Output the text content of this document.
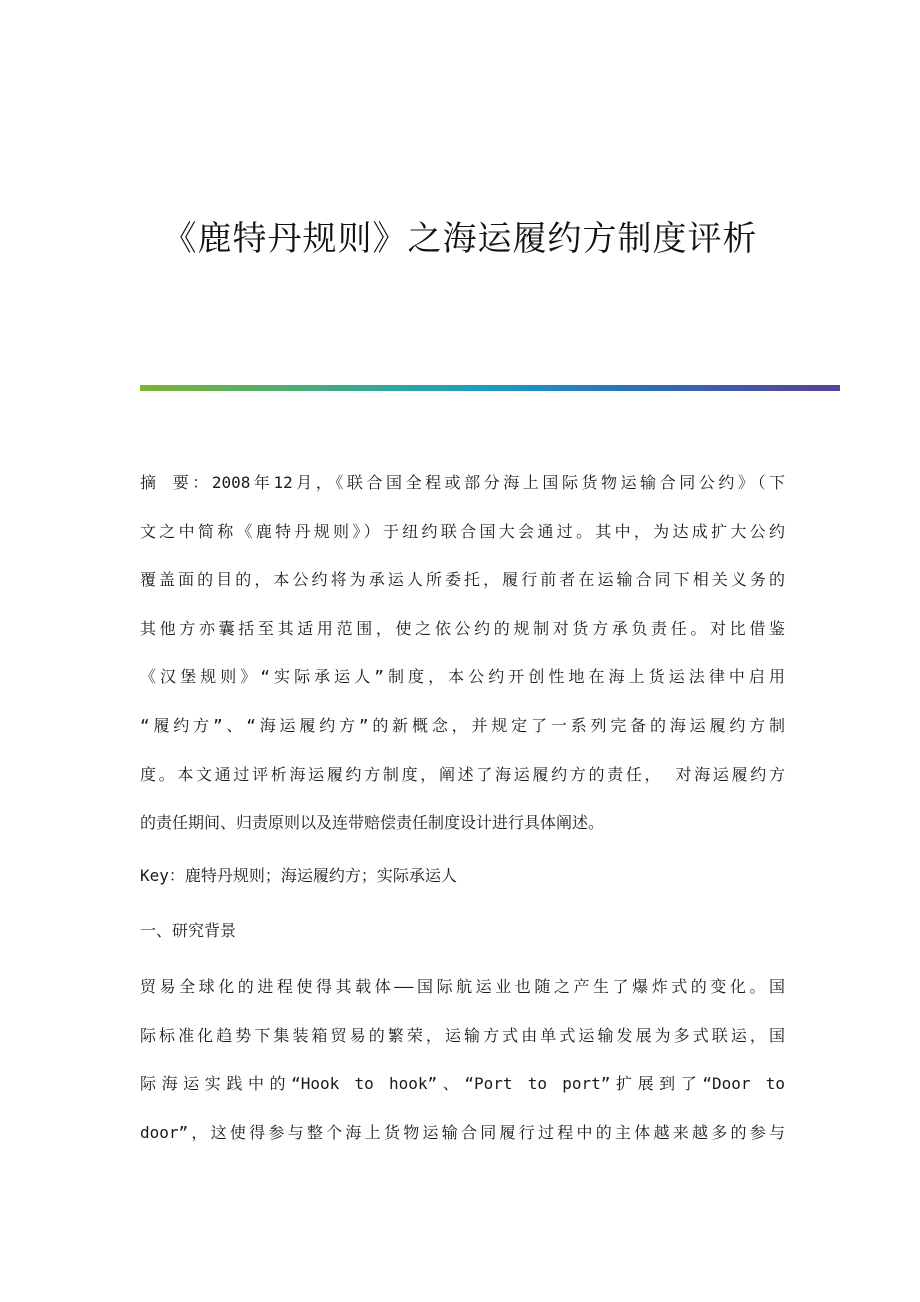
《鹿特丹规则》之海运履约方制度评析
摘 要：2008年12月，《联合国全程或部分海上国际货物运输合同公约》（下
文之中简称《鹿特丹规则》）于纽约联合国大会通过。其中，为达成扩大公约
覆盖面的目的，本公约将为承运人所委托，履行前者在运输合同下相关义务的
其他方亦囊括至其适用范围，使之依公约的规制对货方承负责任。对比借鉴
《汉堡规则》“实际承运人”制度，本公约开创性地在海上货运法律中启用
“履约方”、“海运履约方”的新概念，并规定了一系列完备的海运履约方制
度。本文通过评析海运履约方制度，阐述了海运履约方的责任， 对海运履约方
的责任期间、归责原则以及连带赔偿责任制度设计进行具体阐述。
Key：鹿特丹规则；海运履约方；实际承运人
一、研究背景
贸易全球化的进程使得其载体——国际航运业也随之产生了爆炸式的变化。国
际标准化趋势下集装箱贸易的繁荣，运输方式由单式运输发展为多式联运，国
际海运实践中的“Hook to hook”、“Port to port”扩展到了“Door to
door”，这使得参与整个海上货物运输合同履行过程中的主体越来越多的参与
